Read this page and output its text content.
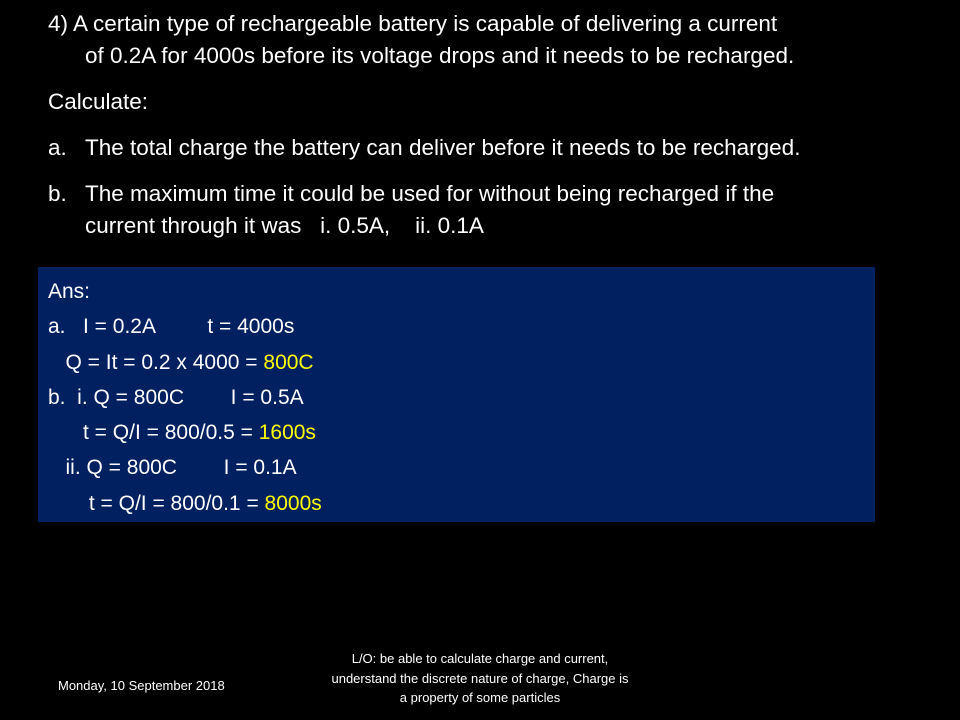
4) A certain type of rechargeable battery is capable of delivering a current
of 0.2A for 4000s before its voltage drops and it needs to be recharged.
Calculate:
a. The total charge the battery can deliver before it needs to be recharged.
b. The maximum time it could be used for without being recharged if the
current through it was   i. 0.5A,    ii. 0.1A
Ans:
a.   I = 0.2A         t = 4000s
Q = It = 0.2 x 4000 = 800C
b.  i. Q = 800C        I = 0.5A
t = Q/I = 800/0.5 = 1600s
ii. Q = 800C        I = 0.1A
t = Q/I = 800/0.1 = 8000s
Monday, 10 September 2018
L/O: be able to calculate charge and current, understand the discrete nature of charge, Charge is a property of some particles
